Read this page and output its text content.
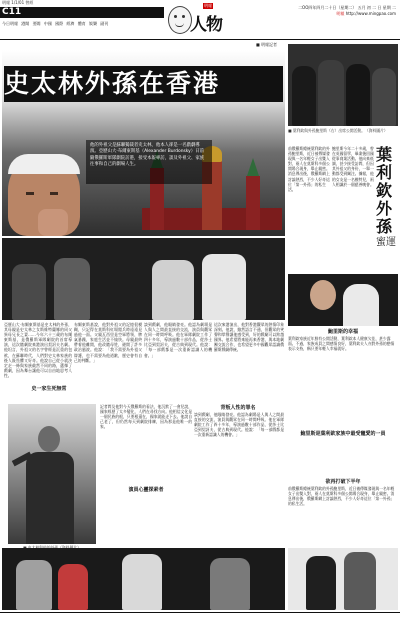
明報 1/1/01 曾經
C11
今日明報 港聞 要聞 中國 國際 經濟 體育 娛樂 副刊	人物
明報	二OO四年四月二十日（星期二） 五月 初 二 日 星期 二
明報 http://www.mingpao.com
■ 明報記者
史太林外孫在香港
他的外祖父是蘇聯獨裁者史太林，他本人卻是一名戲劇導演。亞歷山大·布爾東斯基（Alexander Burdonsky）日前隨俄羅斯軍隊劇院訪港，接受本報專訪，談及外祖父、家族往事和自己的劇場人生。
■ 葉利欽與外孫鮑里斯（右）出席公開活動。（資料圖片）
前俄羅斯總統葉利欽的外孫鮑里斯，近日被傳媒發現與一名年輕女子出雙入對，兩人在莫斯科多個公開場合現身，舉止親密。消息傳出後，俄羅斯網上討論熱烈，不少人好奇這位「第一外孫」的私生活。
鮑里斯今年二十多歲，曾在英國留學，畢業後回國從事商業活動。他向來低調，甚少接受訪問，但因其外祖父的身份，一舉一動都受到關注。據報，他的女友是一名模特兒，兩人相識於一個慈善晚會。
葉利欽外孫
蜜運
亞歷山大·布爾東斯基是史太林的外孫，其母親是史太林之女斯維特蘭娜的同父異母兄長之妻……今年六十三歲的布爾東斯基，是俄羅斯軍隊劇院的首席導演，這次隨劇院來港演出契訶夫名劇。他坦言，外祖父的名字曾經是沉重的包袱，在蘇聯時代，人們對史太林家族的後人既畏懼又好奇。他說自己從小就決定走一條與家族截然不同的路，選擇了戲劇，因為舞台讓他可以自由地思考人性。
史一家生死無常
布爾東斯基說，他對外祖父的記憶很模糊，只記得在莫斯科紅場閱兵時遠遠見過他一面。父親瓦西里是空軍將領，脾氣暴躁，家庭生活並不愉快。母親最終帶着他離開，他改隨母姓，避開了許多政治風波。他說：「我不需要為外祖父辯護，也不需要為他道歉，歷史會有自己的判斷。」
談到戲劇，他眼睛發亮。他認為劇場是人與人之間最直接的交流，演員與觀眾在同一時間呼吸。他在軍隊劇院工作了四十多年，導演過數十部作品，從莎士比亞到契訶夫，從古典到現代。他說：「每一部戲都是一次重新認識人的機會。」
這次來港演出，他對香港觀眾的熱情印象深刻。他說，雖然語言不通，但觀眾的笑聲和掌聲讓他感受到，好的戲劇可以跨越國界。他希望將來能再來香港，與本地劇團交流合作，也希望更多中國觀眾認識俄羅斯戲劇傳統。
記者問及他對今天俄羅斯的看法，他沉默了一會兒說，國家經歷了太多變化，人們在尋找方向。他相信文化是一個民族的根，只要根還在，國家就能走下去。他說自己老了，但仍然每天到劇院排練，因為那是他唯一的家。
背叛人性的罪名
談到戲劇，他眼睛發亮。他認為劇場是人與人之間最直接的交流，演員與觀眾在同一時間呼吸。他在軍隊劇院工作了四十多年，導演過數十部作品，從莎士比亞到契訶夫，從古典到現代。他說：「每一部戲都是一次重新認識人的機會。」
演員心靈探索者
鮑里斯的幸福
葉利欽家族近年鮮有公開活動，葉利欽本人健康欠佳，甚少露面。不過，家族成員之間感情良好，葉利欽夫人亦對外孫的戀情表示支持，稱只要年輕人幸福就好。
鮑里斯是葉利欽家族中最受寵愛的一員
欲再打破下半年
前俄羅斯總統葉利欽的外孫鮑里斯，近日被傳媒發現與一名年輕女子出雙入對，兩人在莫斯科多個公開場合現身，舉止親密。消息傳出後，俄羅斯網上討論熱烈，不少人好奇這位「第一外孫」的私生活。
